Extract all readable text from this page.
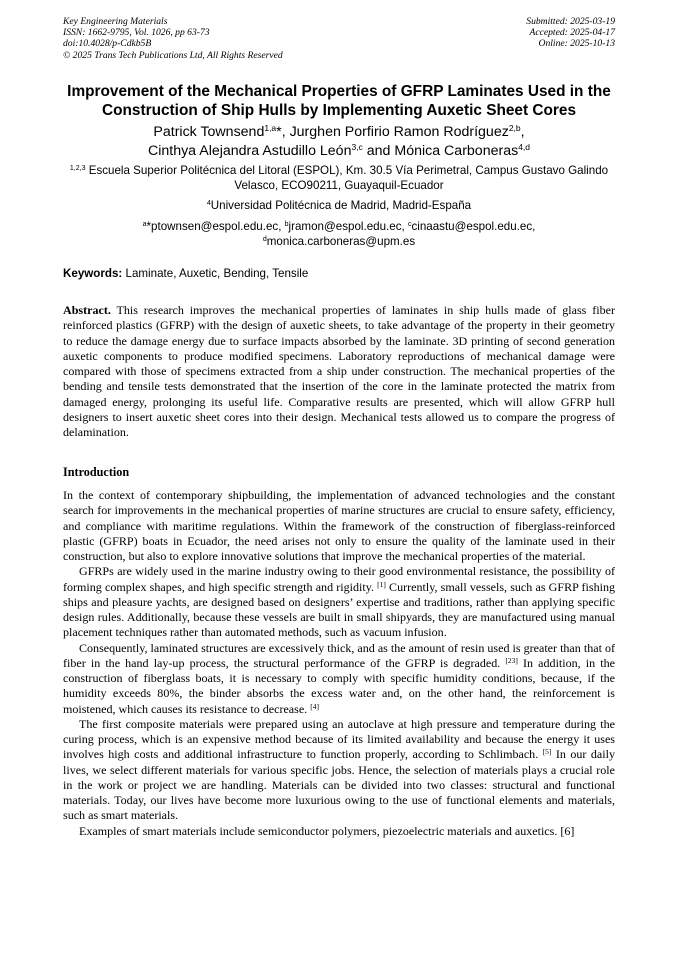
Key Engineering Materials
ISSN: 1662-9795, Vol. 1026, pp 63-73
doi:10.4028/p-Cdkb5B
© 2025 Trans Tech Publications Ltd, All Rights Reserved
Submitted: 2025-03-19
Accepted: 2025-04-17
Online: 2025-10-13
Improvement of the Mechanical Properties of GFRP Laminates Used in the Construction of Ship Hulls by Implementing Auxetic Sheet Cores
Patrick Townsend$^{1,a}$*, Jurghen Porfirio Ramon Rodríguez$^{2,b}$,
Cinthya Alejandra Astudillo León$^{3,c}$ and Mónica Carboneras$^{4,d}$
$^{1,2,3}$ Escuela Superior Politécnica del Litoral (ESPOL), Km. 30.5 Vía Perimetral, Campus Gustavo Galindo Velasco, ECO90211, Guayaquil-Ecuador
$^4$Universidad Politécnica de Madrid, Madrid-España
$^a$*ptownsen@espol.edu.ec, $^b$jramon@espol.edu.ec, $^c$cinaastu@espol.edu.ec,
$^d$monica.carboneras@upm.es
Keywords: Laminate, Auxetic, Bending, Tensile
Abstract. This research improves the mechanical properties of laminates in ship hulls made of glass fiber reinforced plastics (GFRP) with the design of auxetic sheets, to take advantage of the property in their geometry to reduce the damage energy due to surface impacts absorbed by the laminate. 3D printing of second generation auxetic components to produce modified specimens. Laboratory reproductions of mechanical damage were compared with those of specimens extracted from a ship under construction. The mechanical properties of the bending and tensile tests demonstrated that the insertion of the core in the laminate protected the matrix from damaged energy, prolonging its useful life. Comparative results are presented, which will allow GFRP hull designers to insert auxetic sheet cores into their design. Mechanical tests allowed us to compare the progress of delamination.
Introduction

In the context of contemporary shipbuilding, the implementation of advanced technologies and the constant search for improvements in the mechanical properties of marine structures are crucial to ensure safety, efficiency, and compliance with maritime regulations. Within the framework of the construction of fiberglass-reinforced plastic (GFRP) boats in Ecuador, the need arises not only to ensure the quality of the laminate used in their construction, but also to explore innovative solutions that improve the mechanical properties of the material.

GFRPs are widely used in the marine industry owing to their good environmental resistance, the possibility of forming complex shapes, and high specific strength and rigidity. [1] Currently, small vessels, such as GFRP fishing ships and pleasure yachts, are designed based on designers’ expertise and traditions, rather than applying specific design rules. Additionally, because these vessels are built in small shipyards, they are manufactured using manual placement techniques rather than automated methods, such as vacuum infusion.

Consequently, laminated structures are excessively thick, and as the amount of resin used is greater than that of fiber in the hand lay-up process, the structural performance of the GFRP is degraded. [23] In addition, in the construction of fiberglass boats, it is necessary to comply with specific humidity conditions, because, if the humidity exceeds 80%, the binder absorbs the excess water and, on the other hand, the reinforcement is moistened, which causes its resistance to decrease. [4]

The first composite materials were prepared using an autoclave at high pressure and temperature during the curing process, which is an expensive method because of its limited availability and because the energy it uses involves high costs and additional infrastructure to function properly, according to Schlimbach. [5] In our daily lives, we select different materials for various specific jobs. Hence, the selection of materials plays a crucial role in the work or project we are handling. Materials can be divided into two classes: structural and functional materials. Today, our lives have become more luxurious owing to the use of functional elements and materials, such as smart materials.

Examples of smart materials include semiconductor polymers, piezoelectric materials and auxetics. [6]
